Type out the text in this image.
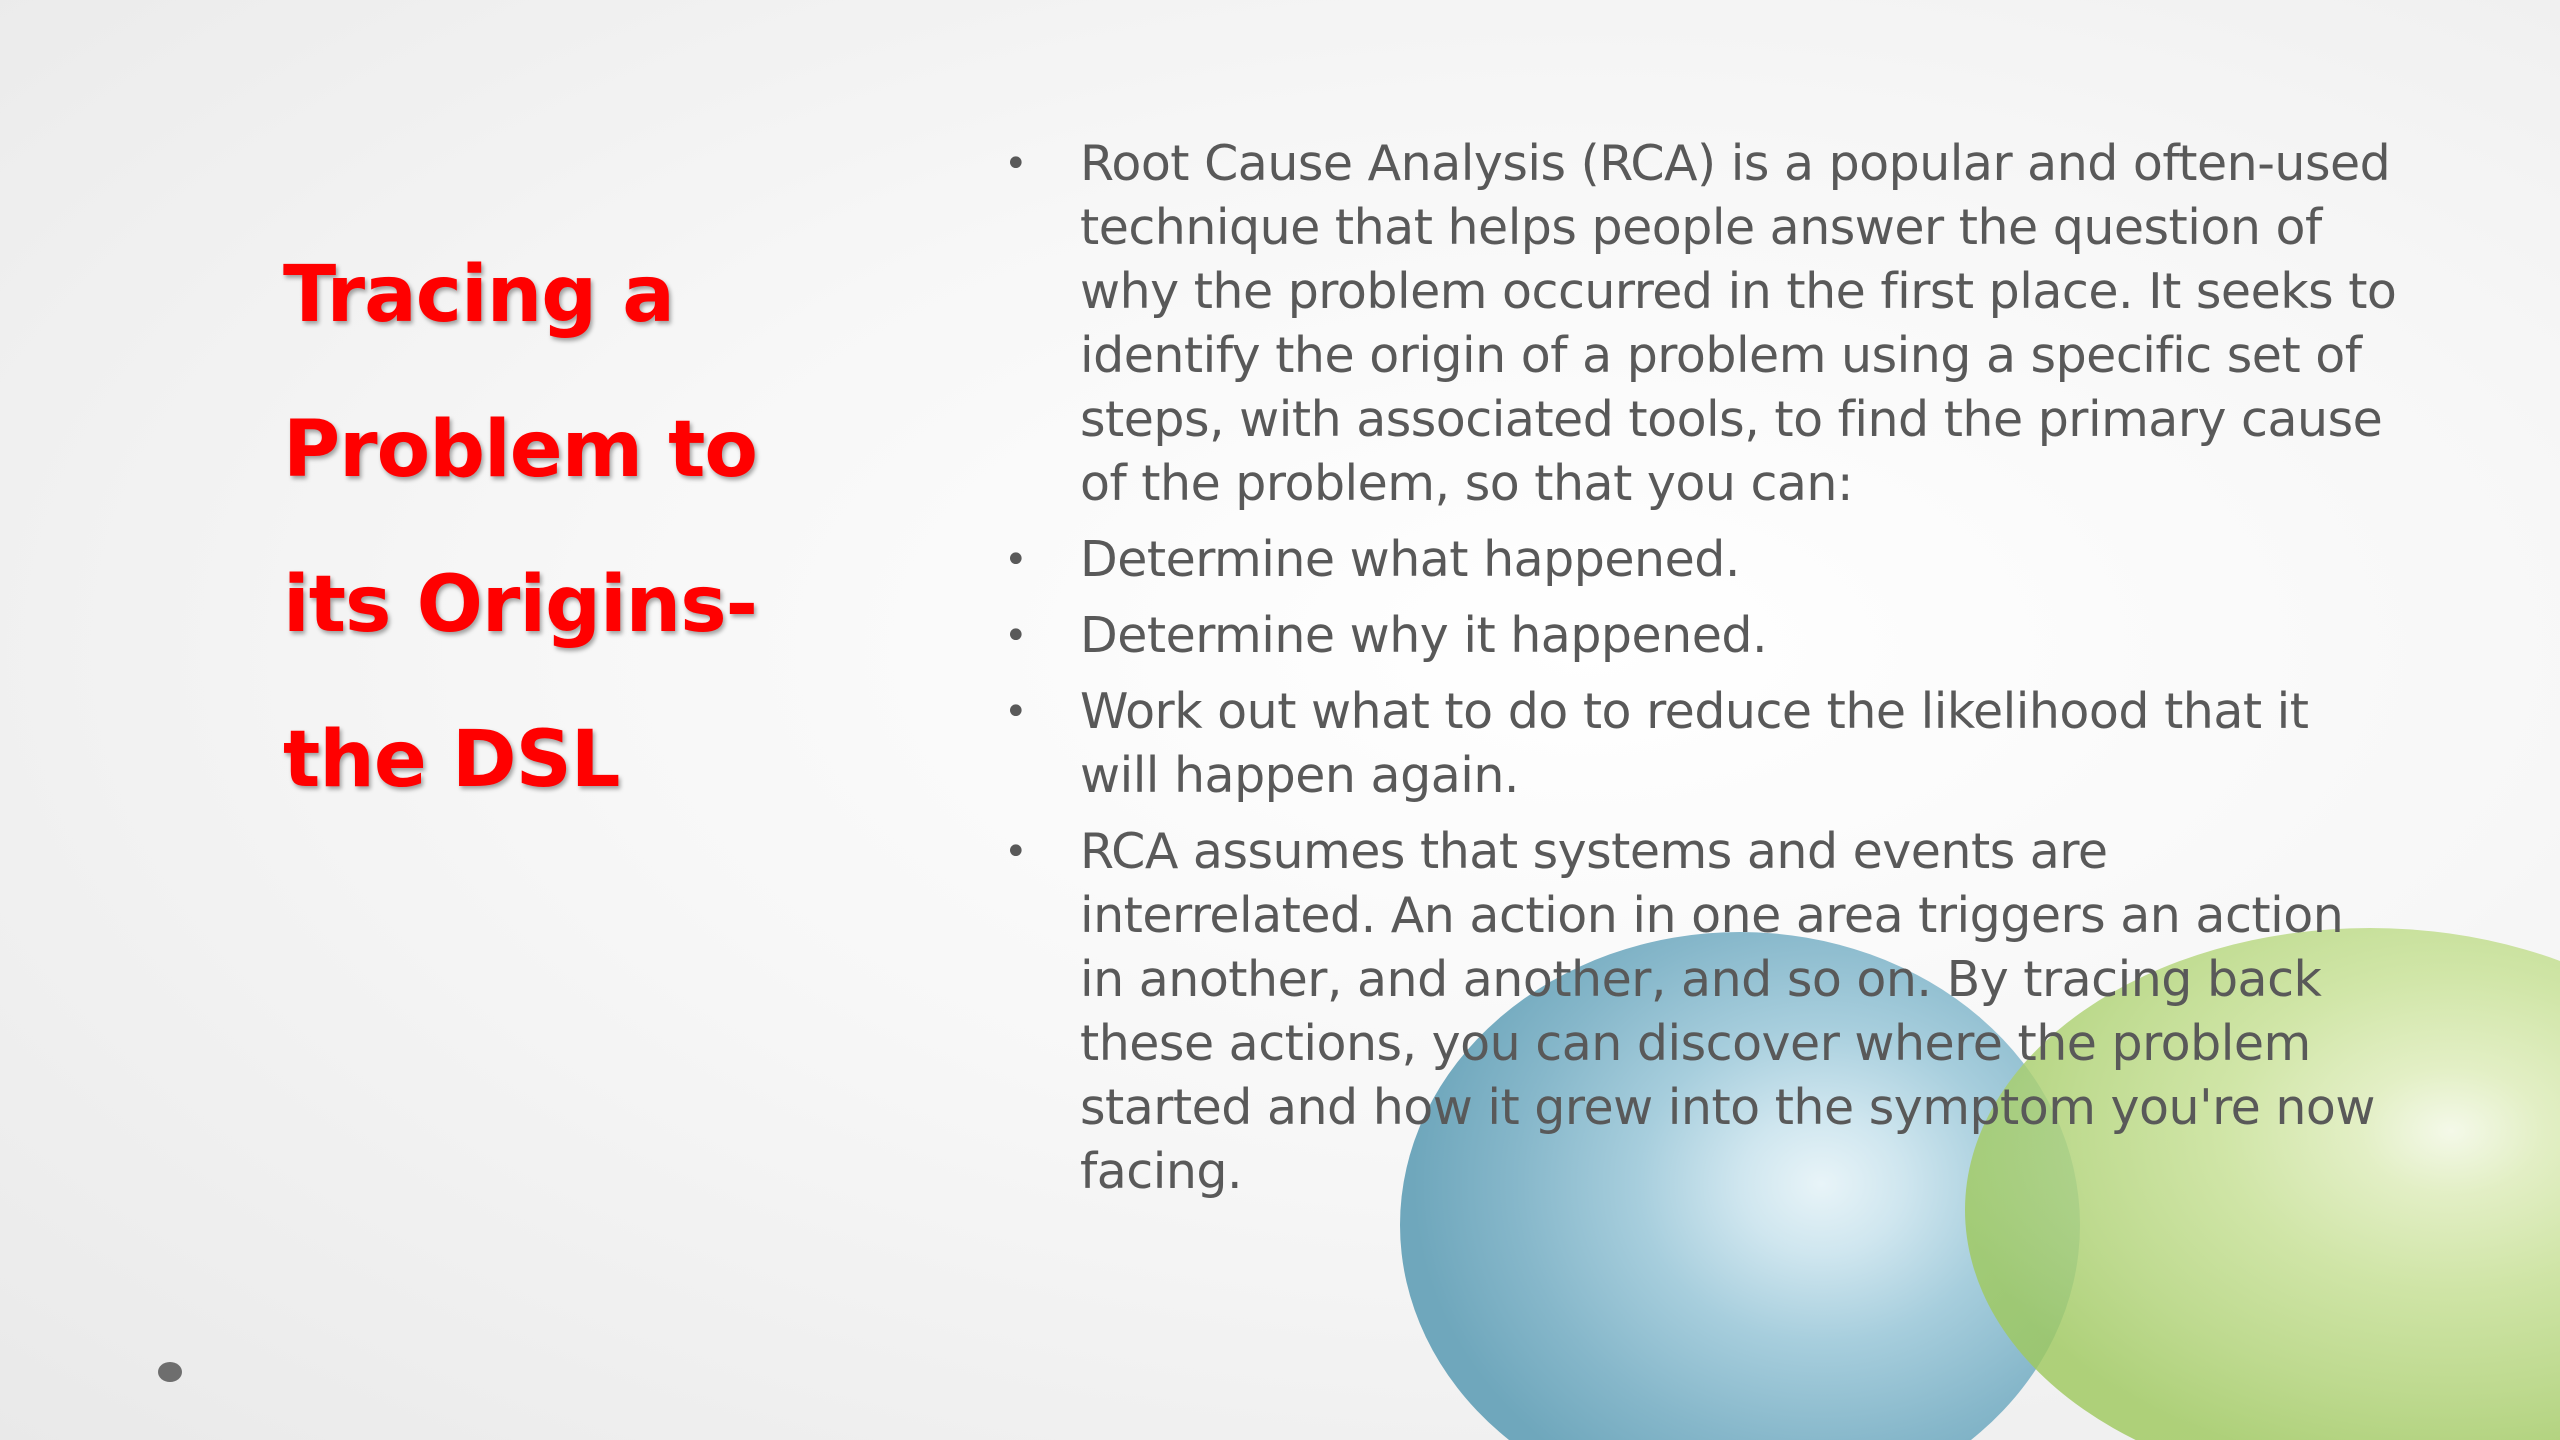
Tracing a
Problem to
its Origins-
the DSL
• Root Cause Analysis (RCA) is a popular and often-used technique that helps people answer the question of why the problem occurred in the first place. It seeks to identify the origin of a problem using a specific set of steps, with associated tools, to find the primary cause of the problem, so that you can:
• Determine what happened.
• Determine why it happened.
• Work out what to do to reduce the likelihood that it will happen again.
• RCA assumes that systems and events are interrelated. An action in one area triggers an action in another, and another, and so on. By tracing back these actions, you can discover where the problem started and how it grew into the symptom you're now facing.
